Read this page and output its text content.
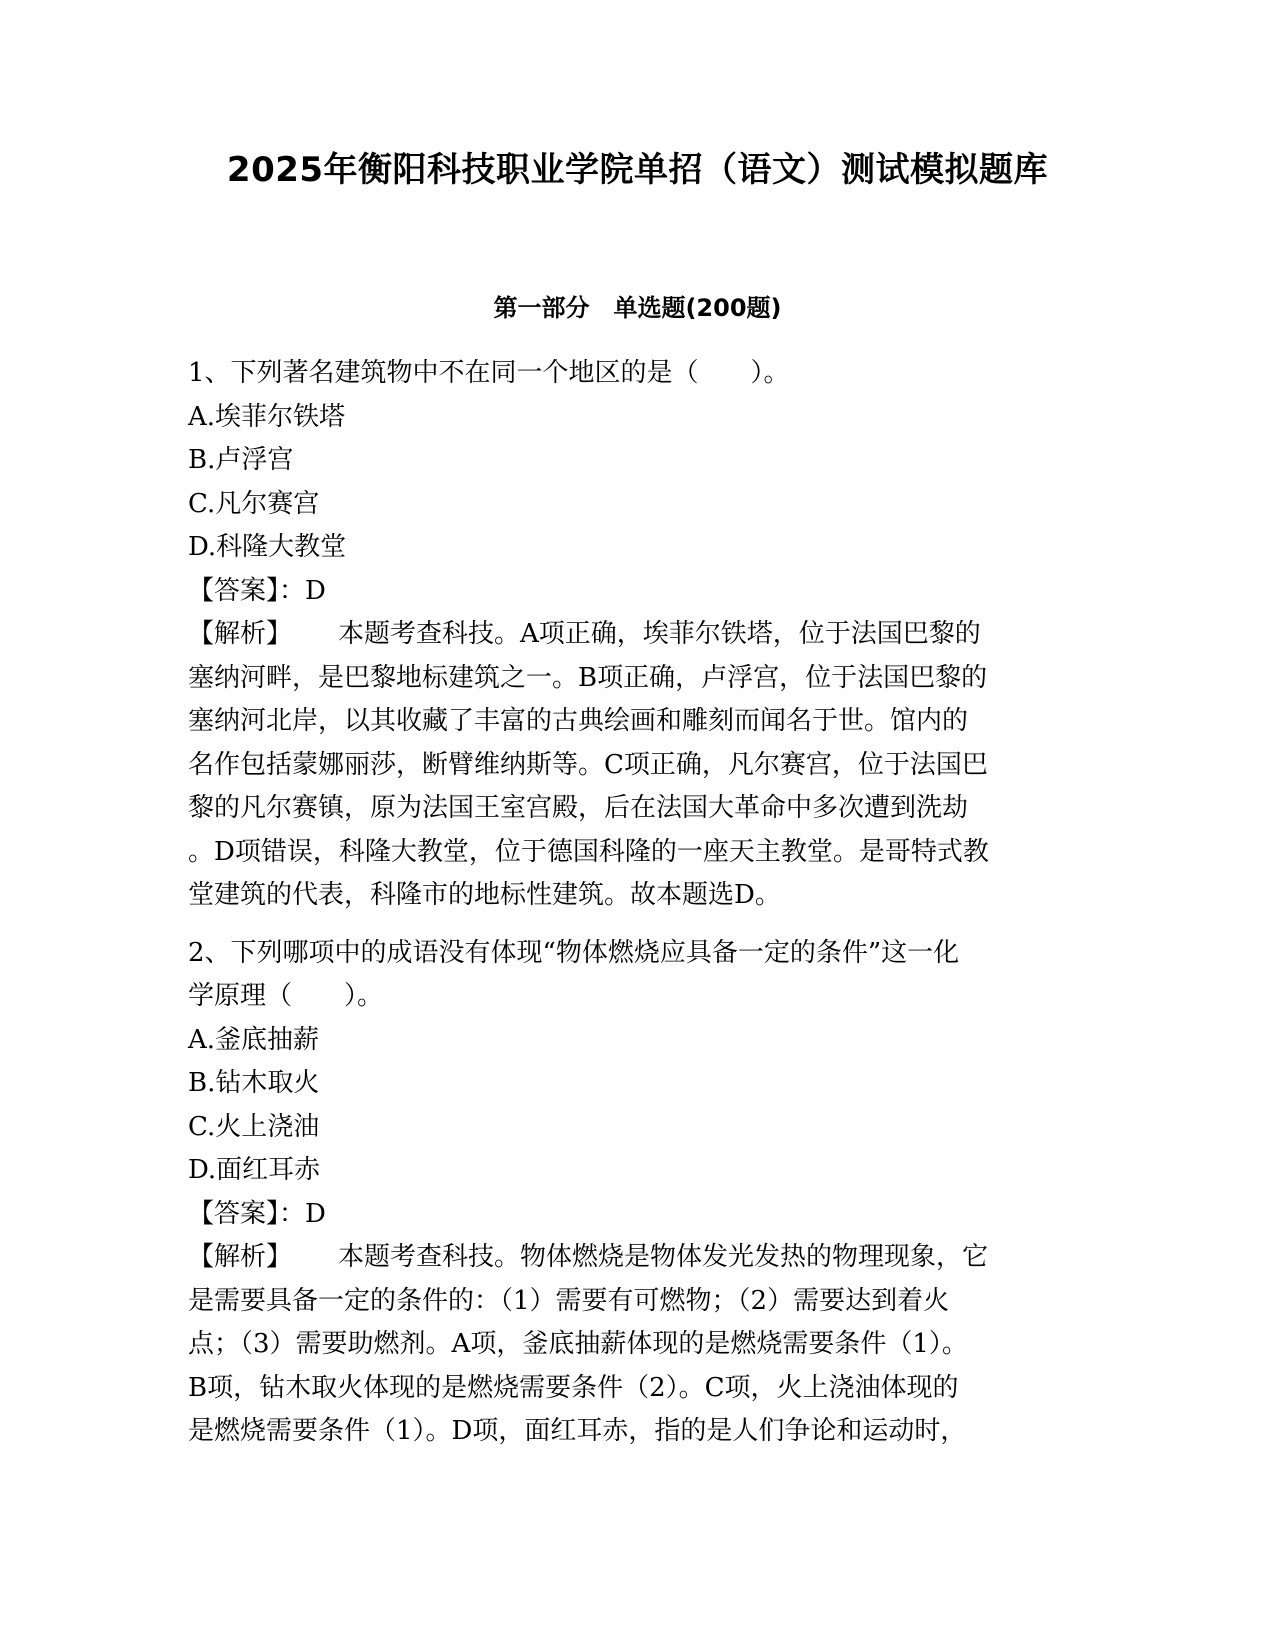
2025年衡阳科技职业学院单招（语文）测试模拟题库
第一部分　单选题(200题)
1、下列著名建筑物中不在同一个地区的是（　　）。
A.埃菲尔铁塔
B.卢浮宫
C.凡尔赛宫
D.科隆大教堂
【答案】：D
【解析】 本题考查科技。A项正确，埃菲尔铁塔，位于法国巴黎的
塞纳河畔，是巴黎地标建筑之一。B项正确，卢浮宫，位于法国巴黎的
塞纳河北岸，以其收藏了丰富的古典绘画和雕刻而闻名于世。馆内的
名作包括蒙娜丽莎，断臂维纳斯等。C项正确，凡尔赛宫，位于法国巴
黎的凡尔赛镇，原为法国王室宫殿，后在法国大革命中多次遭到洗劫
。D项错误，科隆大教堂，位于德国科隆的一座天主教堂。是哥特式教
堂建筑的代表，科隆市的地标性建筑。故本题选D。
2、下列哪项中的成语没有体现“物体燃烧应具备一定的条件”这一化
学原理（　　）。
A.釜底抽薪
B.钻木取火
C.火上浇油
D.面红耳赤
【答案】：D
【解析】 本题考查科技。物体燃烧是物体发光发热的物理现象，它
是需要具备一定的条件的：（1）需要有可燃物；（2）需要达到着火
点；（3）需要助燃剂。A项，釜底抽薪体现的是燃烧需要条件（1）。
B项，钻木取火体现的是燃烧需要条件（2）。C项，火上浇油体现的
是燃烧需要条件（1）。D项，面红耳赤，指的是人们争论和运动时，
